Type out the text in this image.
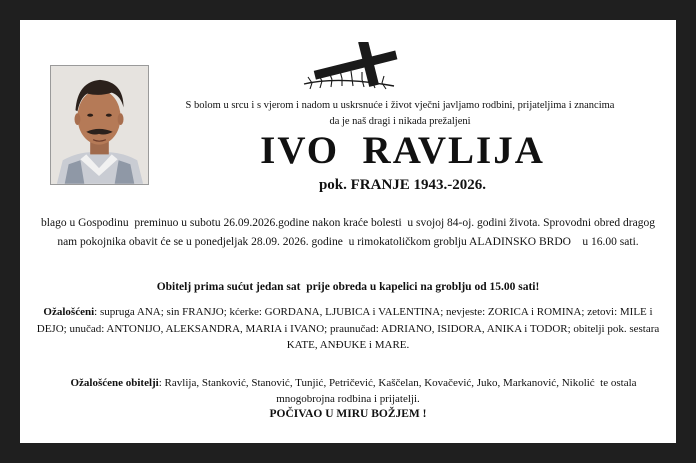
S bolom u srcu i s vjerom i nadom u uskrsnuće i život vječni javljamo rodbini, prijateljima i znancima da je naš dragi i nikada prežaljeni
IVO  RAVLIJA
pok. FRANJE 1943.-2026.
blago u Gospodinu  preminuo u subotu 26.09.2026.godine nakon kraće bolesti  u svojoj 84-oj. godini života. Sprovodni obred dragog nam pokojnika obavit će se u ponedjeljak 28.09. 2026. godine  u rimokatoličkom groblju ALADINSKO BRDO    u 16.00 sati.
Obitelj prima sućut jedan sat  prije obreda u kapelici na groblju od 15.00 sati!
Ožalošćeni: supruga ANA; sin FRANJO; kćerke: GORDANA, LJUBICA i VALENTINA; nevjeste: ZORICA i ROMINA; zetovi: MILE i DEJO; unučad: ANTONIJO, ALEKSANDRA, MARIA i IVANO; praunučad: ADRIANO, ISIDORA, ANIKA i TODOR; obitelji pok. sestara KATE, ANĐUKE i MARE.

Ožalošćene obitelji: Ravlija, Stanković, Stanović, Tunjić, Petričević, Kaščelan, Kovačević, Juko, Markanović, Nikolić  te ostala mnogobrojna rodbina i prijatelji.

POČIVAO U MIRU BOŽJEM !
